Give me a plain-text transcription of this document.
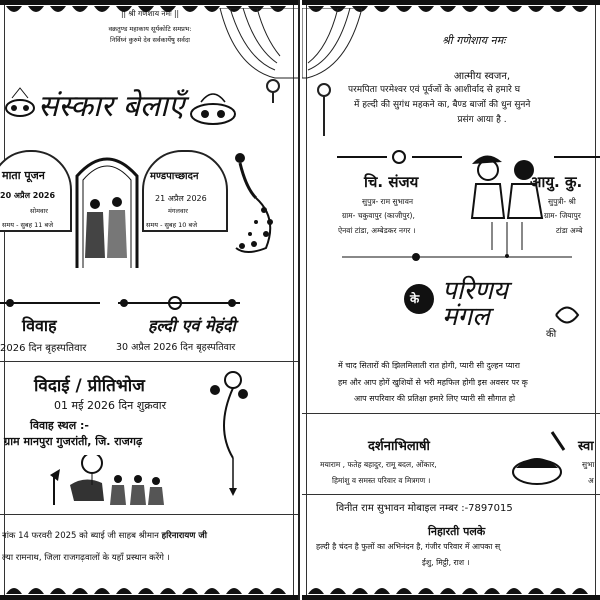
|| श्री गणेशाय नमः ||
वक्रतुण्ड महाकाय सूर्यकोटि समप्रभ:
निर्विघ्नं कुरुमे देव सर्वकार्येषु सर्वदा
संस्कार बेलाएँ
माता पूजन
20 अप्रैल 2026
सोमवार
समय - सुबह 11 बजे
मण्डपाच्छादन
21 अप्रैल 2026
मंगलवार
समय - सुबह 10 बजे
विवाह
2026 दिन बृहस्पतिवार
हल्दी एवं मेहंदी
30 अप्रैल 2026 दिन बृहस्पतिवार
विदाई / प्रीतिभोज
01 मई 2026 दिन शुक्रवार
विवाह स्थल :-
ग्राम मानपुरा गुजरांती, जि. राजगढ़
नांक 14 फरवरी 2025 को ब्याई जी साहब श्रीमान हरिनारायण जी
ल्या रामनाथ, जिला राजगढ़वालों के यहाँ प्रस्थान करेंगे ।
श्री गणेशाय नमः
आत्मीय स्वजन,
परमपिता परमेश्वर एवं पूर्वजों के आशीर्वाद से हमारे घ
में हल्दी की सुगंध महकने का, बैण्ड बाजों की धुन सुनने
प्रसंग आया है .
चि. संजय
सुपुत्र- राम सुभावन
ग्राम- चकुवापुर (काजीपुर),
ऐनवां टांडा, अम्बेडकर नगर ।
आयु. कु.
सुपुत्री- श्री
ग्राम- जियापुर
टांडा अम्बे
के परिणय मंगल
की
में चाद सितारों की झिलमिलाती रात होगी, प्यारी सी दुल्हन प्यारा
हम और आप होगें खुशियों से भरी महफिल होगी इस अवसर पर कृ
आप सपरिवार की प्रतिक्षा हमारे लिए प्यारी सी सौगात हो
दर्शनाभिलाषी
मयाराम , फतेह बहादुर, रामू बदल, ओंकार,
हिमांशु व समस्त परिवार व मित्रगण ।
स्वा
सुभा
अ
विनीत राम सुभावन मोबाइल नम्बर :-7897015
निहारती पलके
हल्दी है चंदन है फुलों का अभिनंदन है, गंजीर परिवार में आपका स्
ईशु, मिट्ठी, राश ।
